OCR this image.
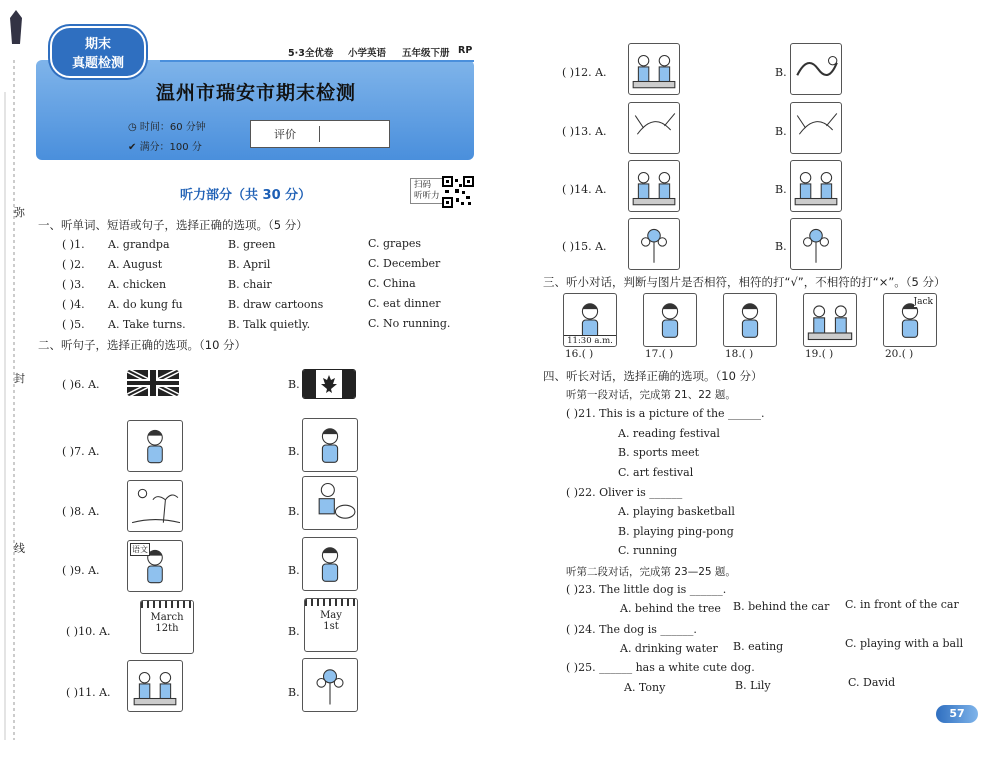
弥
封
线
5·3全优卷 小学英语 五年级下册 RP
期末
真题检测
温州市瑞安市期末检测
◷ 时间：60 分钟
✔ 满分：100 分
评价
听力部分（共 30 分）
扫码
听听力
一、听单词、短语或句子，选择正确的选项。（5 分）
( )1. A. grandpa	B. green	C. grapes
( )2. A. August	B. April	C. December
( )3. A. chicken	B. chair	C. China
( )4. A. do kung fu	B. draw cartoons	C. eat dinner
( )5. A. Take turns.	B. Talk quietly.	C. No running.
二、听句子，选择正确的选项。（10 分）
( )6. A.	B.
( )7. A.	B.
( )8. A.	B.
( )9. A.	B.
语文
( )10. A.	B.
March
12th
May
1st
( )11. A.	B.
( )12. A.	B.
( )13. A.	B.
( )14. A.	B.
( )15. A.	B.
三、听小对话，判断与图片是否相符，相符的打“√”，不相符的打“×”。（5 分）
11:30 a.m.
16.( )	17.( )	18.( )	19.( )
Jack
20.( )
四、听长对话，选择正确的选项。（10 分）
听第一段对话，完成第 21、22 题。
( )21. This is a picture of the ______.
A. reading festival
B. sports meet
C. art festival
( )22. Oliver is ______
A. playing basketball
B. playing ping-pong
C. running
听第二段对话，完成第 23—25 题。
( )23. The little dog is ______.
A. behind the tree B. behind the car C. in front of the car
( )24. The dog is ______.
A. drinking water B. eating	C. playing with a ball
( )25. ______ has a white cute dog.
A. Tony	B. Lily	C. David
57
